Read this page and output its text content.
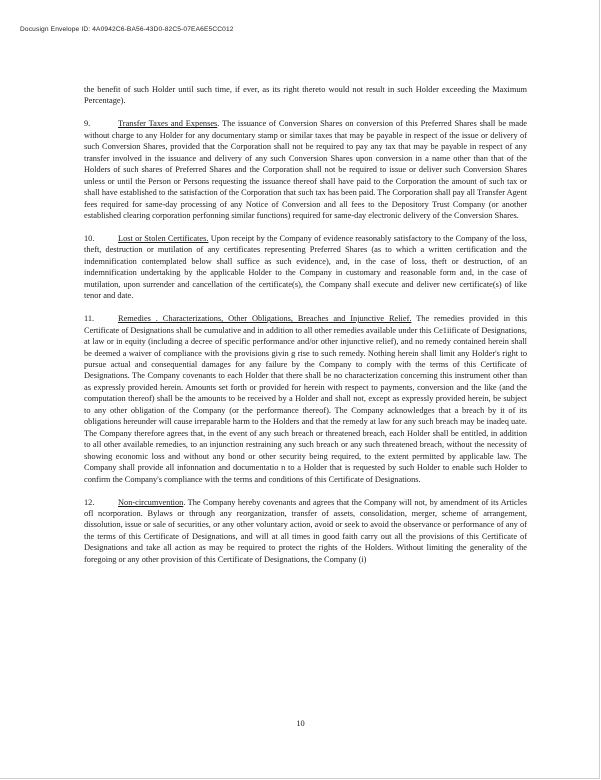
Docusign Envelope ID: 4A0942C6-BA56-43D0-82C5-07EA6E5CC012

the benefit of such Holder until such time, if ever, as its right thereto would not result in such Holder exceeding the Maximum Percentage).

9.	Transfer Taxes and Expenses. The issuance of Conversion Shares on conversion of this Preferred Shares shall be made without charge to any Holder for any documentary stamp or similar taxes that may be payable in respect of the issue or delivery of such Conversion Shares, provided that the Corporation shall not be required to pay any tax that may be payable in respect of any transfer involved in the issuance and delivery of any such Conversion Shares upon conversion in a name other than that of the Holders of such shares of Preferred Shares and the Corporation shall not be required to issue or deliver such Conversion Shares unless or until the Person or Persons requesting the issuance thereof shall have paid to the Corporation the amount of such tax or shall have established to the satisfaction of the Corporation that such tax has been paid. The Corporation shall pay all Transfer Agent fees required for same-day processing of any Notice of Conversion and all fees to the Depository Trust Company (or another established clearing corporation perfonning similar functions) required for same-day electronic delivery of the Conversion Shares.

10.	Lost or Stolen Certificates. Upon receipt by the Company of evidence reasonably satisfactory to the Company of the loss, theft, destruction or mutilation of any certificates representing Preferred Shares (as to which a written certification and the indemnification contemplated below shall suffice as such evidence), and, in the case of loss, theft or destruction, of an indemnification undertaking by the applicable Holder to the Company in customary and reasonable form and, in the case of mutilation, upon surrender and cancellation of the certificate(s), the Company shall execute and deliver new certificate(s) of like tenor and date.

11.	Remedies . Characterizations, Other Obligations, Breaches and Injunctive Relief. The remedies provided in this Certificate of Designations shall be cumulative and in addition to all other remedies available under this Ce1iificate of Designations, at law or in equity (including a decree of specific performance and/or other injunctive relief), and no remedy contained herein shall be deemed a waiver of compliance with the provisions givin g rise to such remedy. Nothing herein shall limit any Holder's right to pursue actual and consequential damages for any failure by the Company to comply with the terms of this Certificate of Designations. The Company covenants to each Holder that there shall be no characterization concerning this instrument other than as expressly provided herein. Amounts set forth or provided for herein with respect to payments, conversion and the like (and the computation thereof) shall be the amounts to be received by a Holder and shall not, except as expressly provided herein, be subject to any other obligation of the Company (or the performance thereof). The Company acknowledges that a breach by it of its obligations hereunder will cause irreparable harm to the Holders and that the remedy at law for any such breach may be inadeq uate. The Company therefore agrees that, in the event of any such breach or threatened breach, each Holder shall be entitled, in addition to all other available remedies, to an injunction restraining any such breach or any such threatened breach, without the necessity of showing economic loss and without any bond or other security being required, to the extent permitted by applicable law. The Company shall provide all infonnation and documentatio n to a Holder that is requested by such Holder to enable such Holder to confirm the Company's compliance with the terms and conditions of this Certificate of Designations.

12.	Non-circumvention. The Company hereby covenants and agrees that the Company will not, by amendment of its Articles ofl ncorporation. Bylaws or through any reorganization, transfer of assets, consolidation, merger, scheme of arrangement, dissolution, issue or sale of securities, or any other voluntary action, avoid or seek to avoid the observance or performance of any of the terms of this Certificate of Designations, and will at all times in good faith carry out all the provisions of this Certificate of Designations and take all action as may be required to protect the rights of the Holders. Without limiting the generality of the foregoing or any other provision of this Certificate of Designations, the Company (i)

10
